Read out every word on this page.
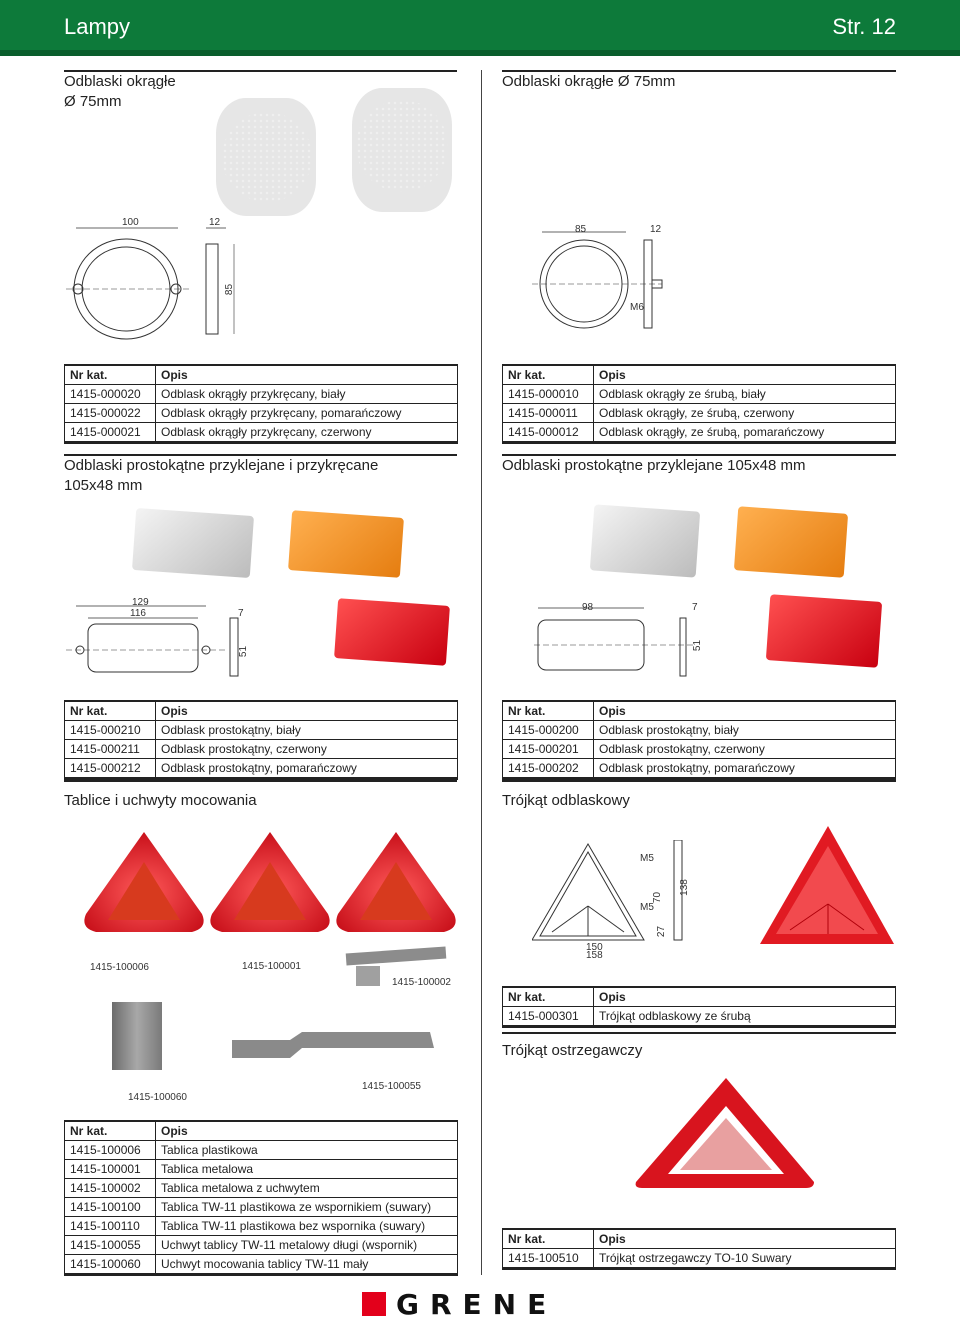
Lampy	Str. 12
Odblaski okrągłe
Ø 75mm
Odblaski okrągłe Ø 75mm
100	12
85
85	12
M6
Nr kat.	Opis
1415-000020	Odblask okrągły przykręcany, biały
1415-000022	Odblask okrągły przykręcany, pomarańczowy
1415-000021	Odblask okrągły przykręcany, czerwony
Nr kat.	Opis
1415-000010	Odblask okrągły ze śrubą, biały
1415-000011	Odblask okrągły, ze śrubą, czerwony
1415-000012	Odblask okrągły, ze śrubą, pomarańczowy
Odblaski prostokątne przyklejane i przykręcane
105x48 mm
Odblaski prostokątne przyklejane 105x48 mm
129
116	7
51
98	7
51
Nr kat.	Opis
1415-000210	Odblask prostokątny, biały
1415-000211	Odblask prostokątny, czerwony
1415-000212	Odblask prostokątny, pomarańczowy
Nr kat.	Opis
1415-000200	Odblask prostokątny, biały
1415-000201	Odblask prostokątny, czerwony
1415-000202	Odblask prostokątny, pomarańczowy
Tablice i uchwyty mocowania	Trójkąt odblaskowy
1415-100006	1415-100001
1415-100002
1415-100060
1415-100055
M5
M5
70
138
27
150
158
Nr kat.	Opis
1415-000301	Trójkąt odblaskowy ze śrubą
Trójkąt ostrzegawczy
Nr kat.	Opis
1415-100006	Tablica plastikowa
1415-100001	Tablica metalowa
1415-100002	Tablica metalowa z uchwytem
1415-100100	Tablica TW-11 plastikowa ze wspornikiem (suwary)
1415-100110	Tablica TW-11 plastikowa bez wspornika (suwary)
1415-100055	Uchwyt tablicy TW-11 metalowy długi (wspornik)
1415-100060	Uchwyt mocowania tablicy TW-11 mały
Nr kat.	Opis
1415-100510	Trójkąt ostrzegawczy TO-10 Suwary
GRENE
